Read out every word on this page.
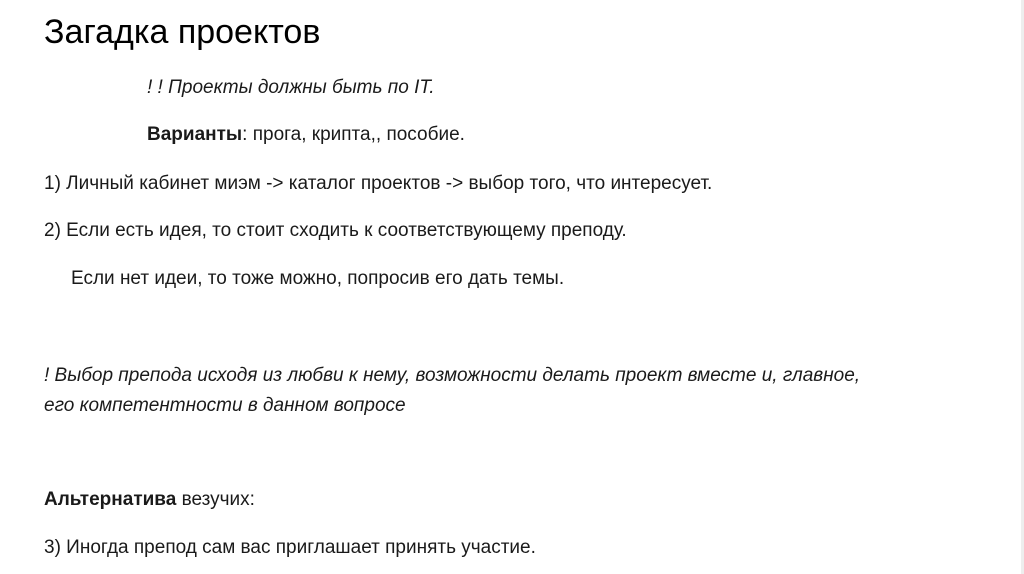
Загадка проектов
! ! Проекты должны быть по IT.
Варианты: прога, крипта,, пособие.
1) Личный кабинет миэм -> каталог проектов -> выбор того, что интересует.
2) Если есть идея, то стоит сходить к соответствующему преподу.
Если нет идеи, то тоже можно, попросив его дать темы.
! Выбор препода исходя из любви к нему, возможности делать проект вместе и, главное,
его компетентности в данном вопросе
Альтернатива везучих:
3) Иногда препод сам вас приглашает принять участие.
